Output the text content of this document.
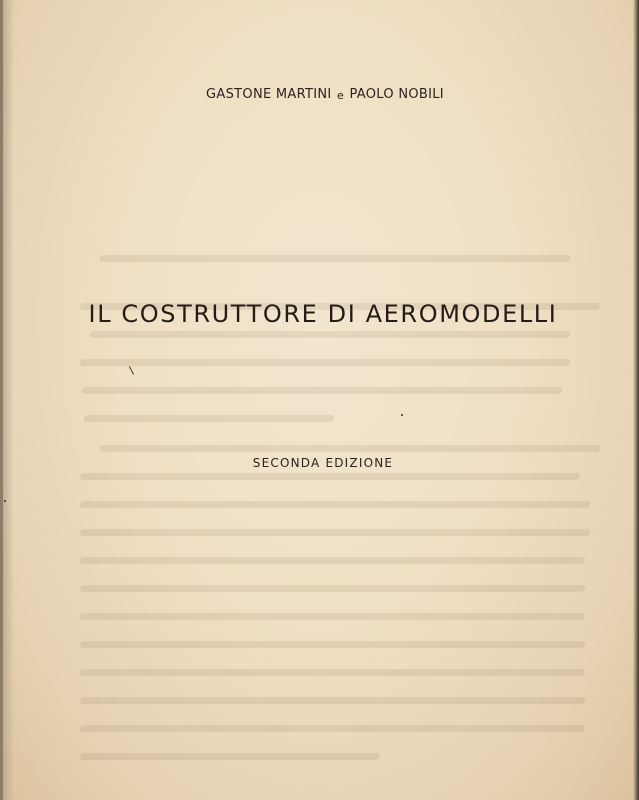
GASTONE MARTINI e PAOLO NOBILI
IL COSTRUTTORE DI AEROMODELLI
SECONDA EDIZIONE
